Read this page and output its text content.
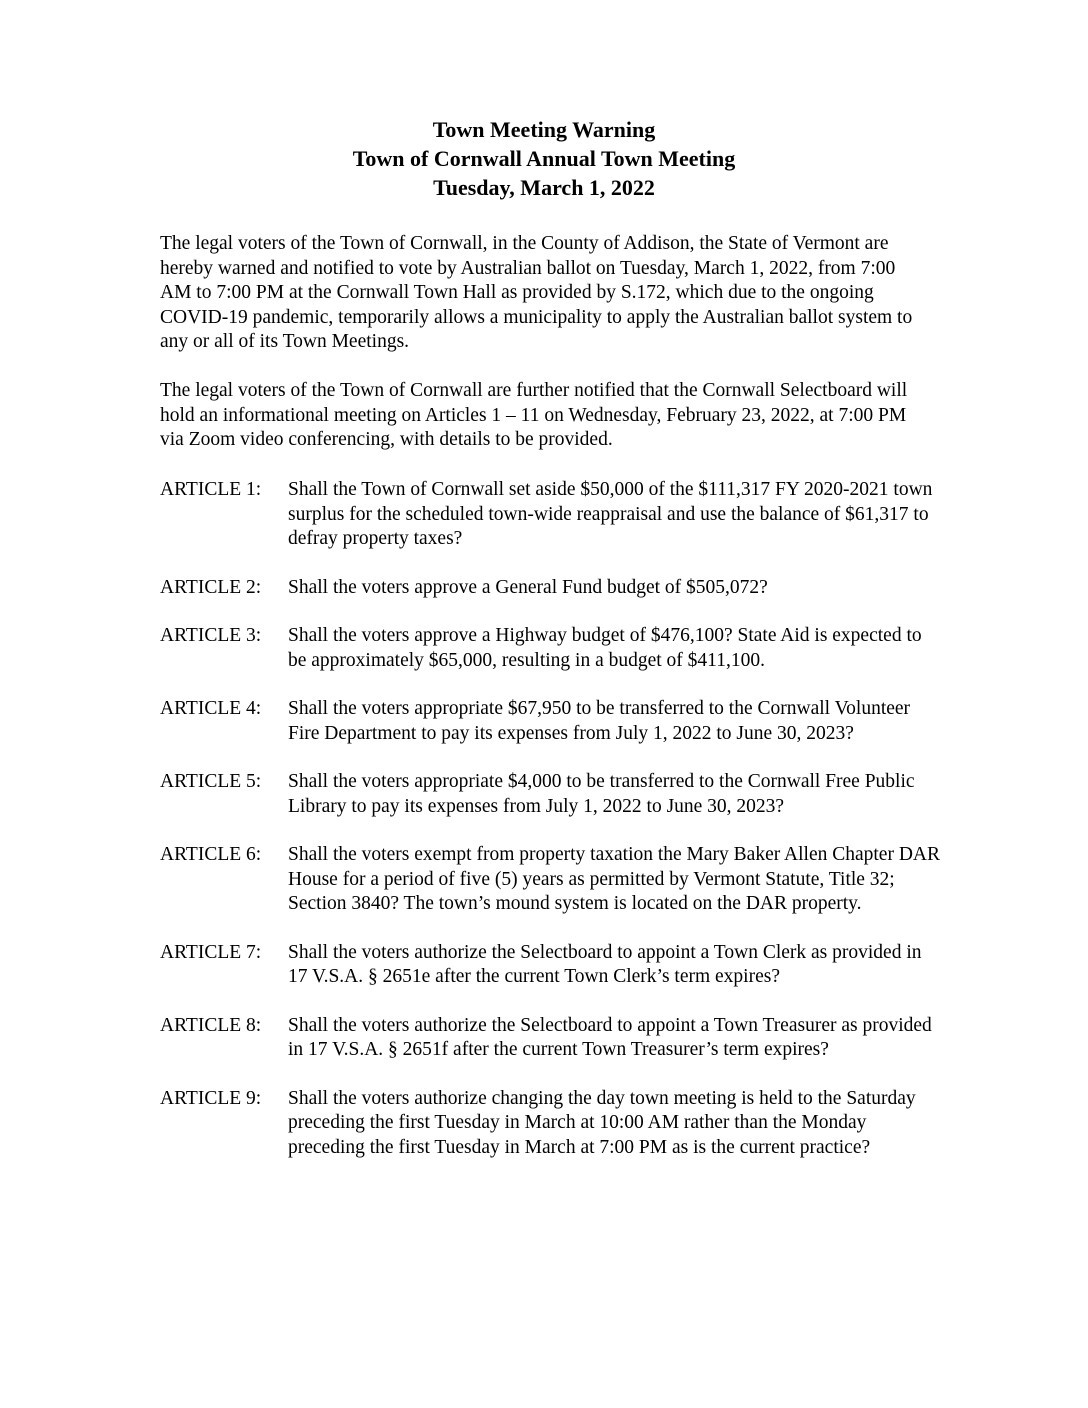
Town Meeting Warning
Town of Cornwall Annual Town Meeting
Tuesday, March 1, 2022

The legal voters of the Town of Cornwall, in the County of Addison, the State of Vermont are hereby warned and notified to vote by Australian ballot on Tuesday, March 1, 2022, from 7:00 AM to 7:00 PM at the Cornwall Town Hall as provided by S.172, which due to the ongoing COVID-19 pandemic, temporarily allows a municipality to apply the Australian ballot system to any or all of its Town Meetings.

The legal voters of the Town of Cornwall are further notified that the Cornwall Selectboard will hold an informational meeting on Articles 1 – 11 on Wednesday, February 23, 2022, at 7:00 PM via Zoom video conferencing, with details to be provided.

ARTICLE 1:	Shall the Town of Cornwall set aside $50,000 of the $111,317 FY 2020-2021 town surplus for the scheduled town-wide reappraisal and use the balance of $61,317 to defray property taxes?
ARTICLE 2:	Shall the voters approve a General Fund budget of $505,072?
ARTICLE 3:	Shall the voters approve a Highway budget of $476,100? State Aid is expected to be approximately $65,000, resulting in a budget of $411,100.
ARTICLE 4:	Shall the voters appropriate $67,950 to be transferred to the Cornwall Volunteer Fire Department to pay its expenses from July 1, 2022 to June 30, 2023?
ARTICLE 5:	Shall the voters appropriate $4,000 to be transferred to the Cornwall Free Public Library to pay its expenses from July 1, 2022 to June 30, 2023?
ARTICLE 6:	Shall the voters exempt from property taxation the Mary Baker Allen Chapter DAR House for a period of five (5) years as permitted by Vermont Statute, Title 32; Section 3840? The town’s mound system is located on the DAR property.
ARTICLE 7:	Shall the voters authorize the Selectboard to appoint a Town Clerk as provided in 17 V.S.A. § 2651e after the current Town Clerk’s term expires?
ARTICLE 8:	Shall the voters authorize the Selectboard to appoint a Town Treasurer as provided in 17 V.S.A. § 2651f after the current Town Treasurer’s term expires?
ARTICLE 9:	Shall the voters authorize changing the day town meeting is held to the Saturday preceding the first Tuesday in March at 10:00 AM rather than the Monday preceding the first Tuesday in March at 7:00 PM as is the current practice?
